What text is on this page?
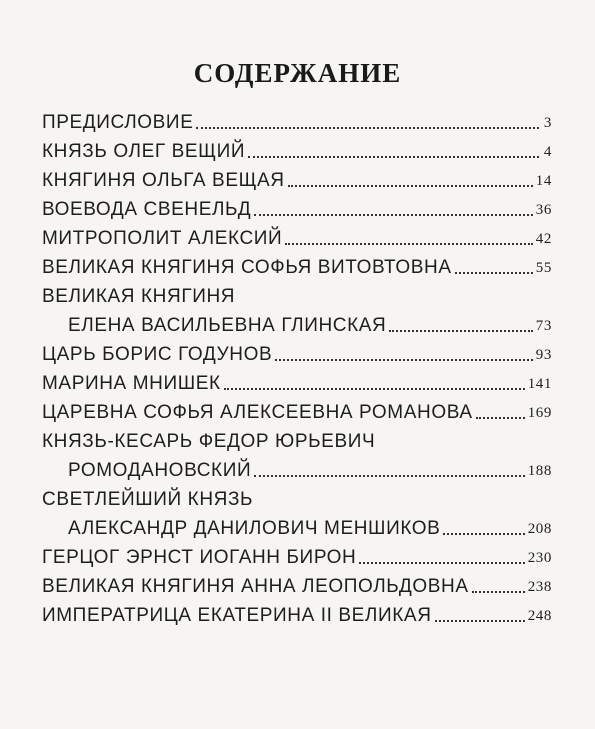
СОДЕРЖАНИЕ
ПРЕДИСЛОВИЕ	3
КНЯЗЬ ОЛЕГ ВЕЩИЙ	4
КНЯГИНЯ ОЛЬГА ВЕЩАЯ	14
ВОЕВОДА СВЕНЕЛЬД	36
МИТРОПОЛИТ АЛЕКСИЙ	42
ВЕЛИКАЯ КНЯГИНЯ СОФЬЯ ВИТОВТОВНА	55
ВЕЛИКАЯ КНЯГИНЯ
ЕЛЕНА ВАСИЛЬЕВНА ГЛИНСКАЯ	73
ЦАРЬ БОРИС ГОДУНОВ	93
МАРИНА МНИШЕК	141
ЦАРЕВНА СОФЬЯ АЛЕКСЕЕВНА РОМАНОВА	169
КНЯЗЬ-КЕСАРЬ ФЕДОР ЮРЬЕВИЧ
РОМОДАНОВСКИЙ	188
СВЕТЛЕЙШИЙ КНЯЗЬ
АЛЕКСАНДР ДАНИЛОВИЧ МЕНШИКОВ	208
ГЕРЦОГ ЭРНСТ ИОГАНН БИРОН	230
ВЕЛИКАЯ КНЯГИНЯ АННА ЛЕОПОЛЬДОВНА	238
ИМПЕРАТРИЦА ЕКАТЕРИНА II ВЕЛИКАЯ	248
